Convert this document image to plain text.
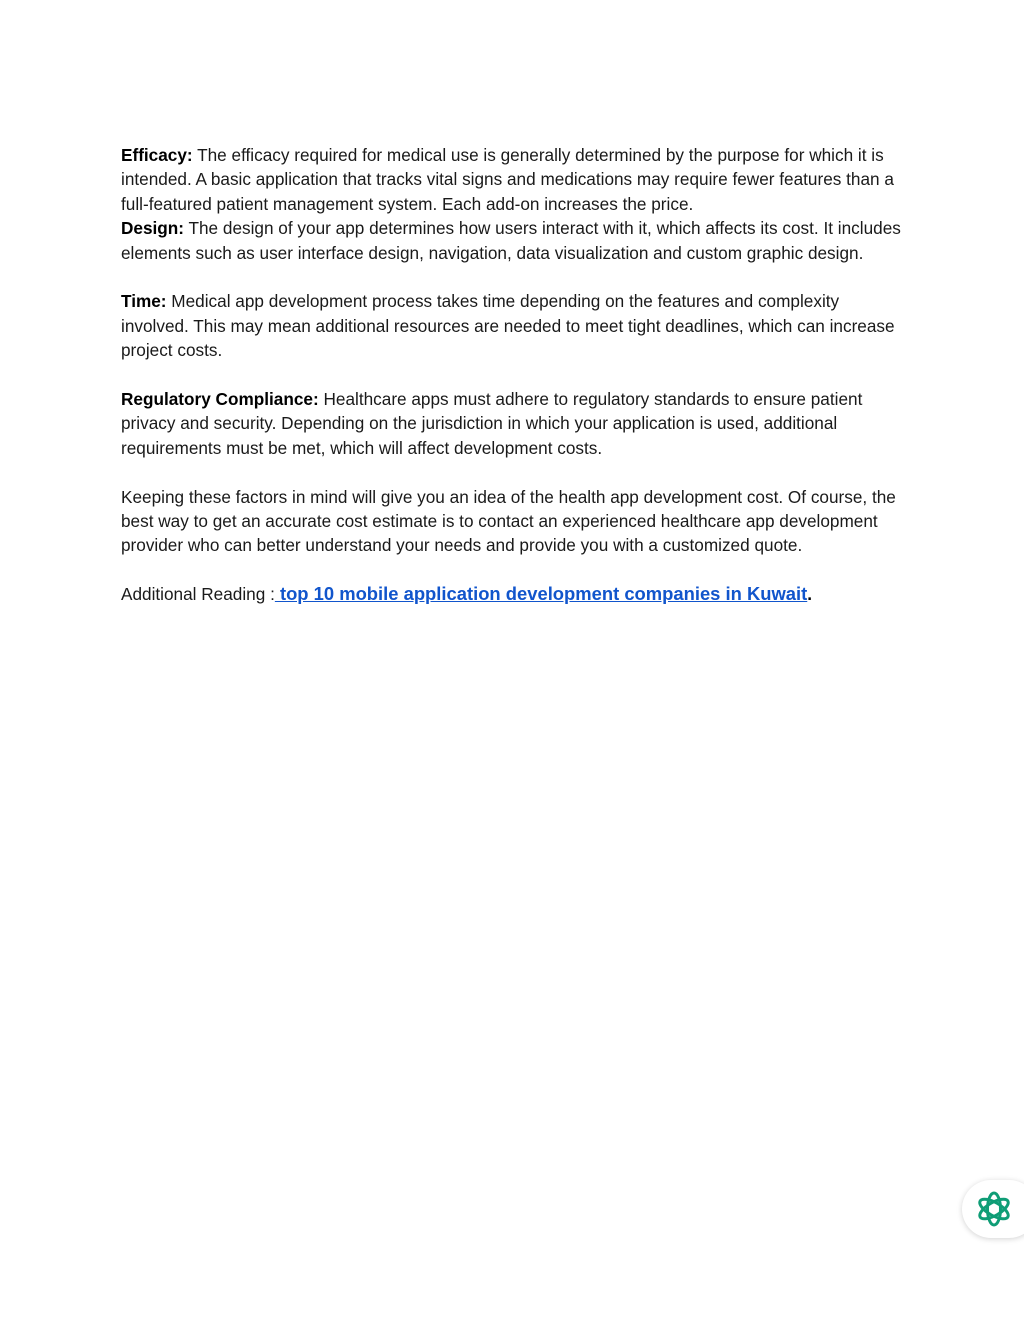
Efficacy: The efficacy required for medical use is generally determined by the purpose for which it is intended. A basic application that tracks vital signs and medications may require fewer features than a full-featured patient management system. Each add-on increases the price.

Design: The design of your app determines how users interact with it, which affects its cost. It includes elements such as user interface design, navigation, data visualization and custom graphic design.

Time: Medical app development process takes time depending on the features and complexity involved. This may mean additional resources are needed to meet tight deadlines, which can increase project costs.

Regulatory Compliance: Healthcare apps must adhere to regulatory standards to ensure patient privacy and security. Depending on the jurisdiction in which your application is used, additional requirements must be met, which will affect development costs.

Keeping these factors in mind will give you an idea of the health app development cost. Of course, the best way to get an accurate cost estimate is to contact an experienced healthcare app development provider who can better understand your needs and provide you with a customized quote.

Additional Reading : top 10 mobile application development companies in Kuwait.
